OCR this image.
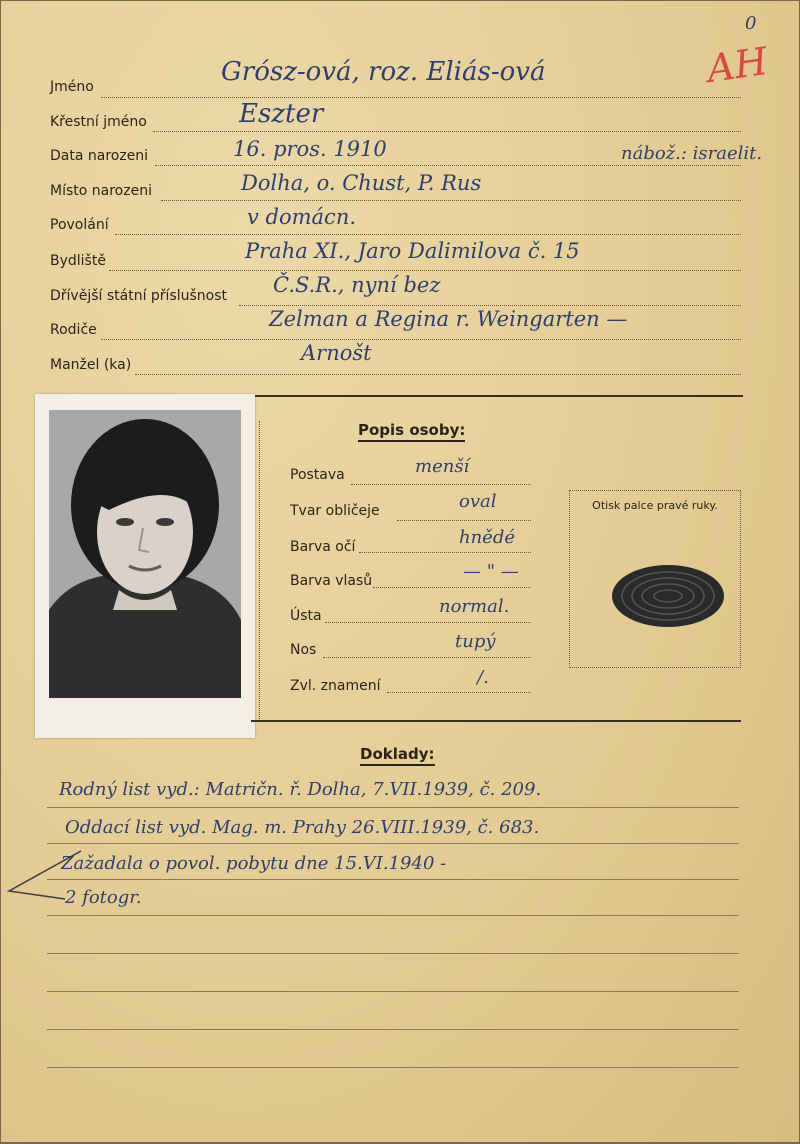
0
AH
Jméno	Grósz-ová, roz. Eliás-ová
Křestní jméno	Eszter
Data narozeni	16. pros. 1910	nábož.: israelit.
Místo narozeni	Dolha, o. Chust, P. Rus
Povolání	v domácn.
Bydliště	Praha XI., Jaro Dalimilova č. 15
Dřívější státní příslušnost Č.S.R., nyní bez
Rodiče	Zelman a Regina r. Weingarten —
Manžel (ka)	Arnošt
Popis osoby:
Postava	menší
Tvar obličeje	oval
Barva očí	hnědé
Barva vlasů	— " —
Ústa	normal.
Nos	tupý
Zvl. znamení	/.
Otisk palce pravé ruky.
Doklady:
Rodný list vyd.: Matričn. ř. Dolha, 7.VII.1939, č. 209.
Oddací list vyd. Mag. m. Prahy 26.VIII.1939, č. 683.
Zažadala o povol. pobytu dne 15.VI.1940 -
2 fotogr.
